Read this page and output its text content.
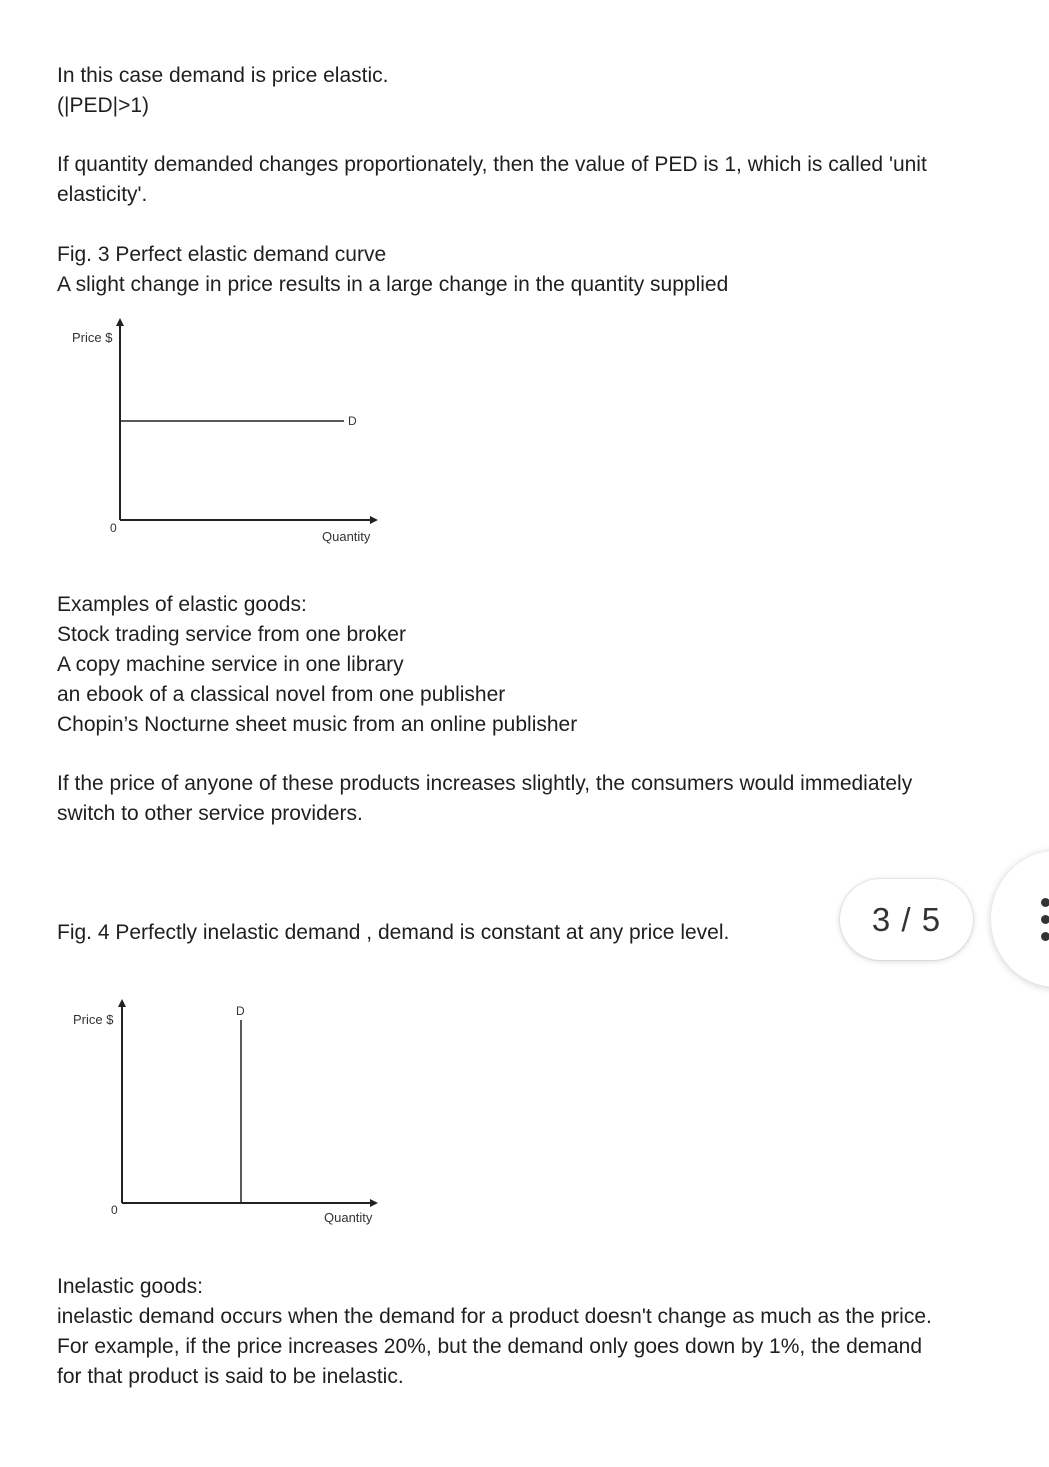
In this case demand is price elastic.

(|PED|>1)

If quantity demanded changes proportionately, then the value of PED is 1, which is called 'unit

elasticity'.

Fig. 3 Perfect elastic demand curve

A slight change in price results in a large change in the quantity supplied

Price $
0
Quantity
D

Examples of elastic goods:

Stock trading service from one broker

A copy machine service in one library

an ebook of a classical novel from one publisher

Chopin’s Nocturne sheet music from an online publisher

If the price of anyone of these products increases slightly, the consumers would immediately

switch to other service providers.

Fig. 4 Perfectly inelastic demand , demand is constant at any price level.

Price $
0	Quantity
D

Inelastic goods:

inelastic demand occurs when the demand for a product doesn't change as much as the price.

For example, if the price increases 20%, but the demand only goes down by 1%, the demand

for that product is said to be inelastic.

3 / 5
